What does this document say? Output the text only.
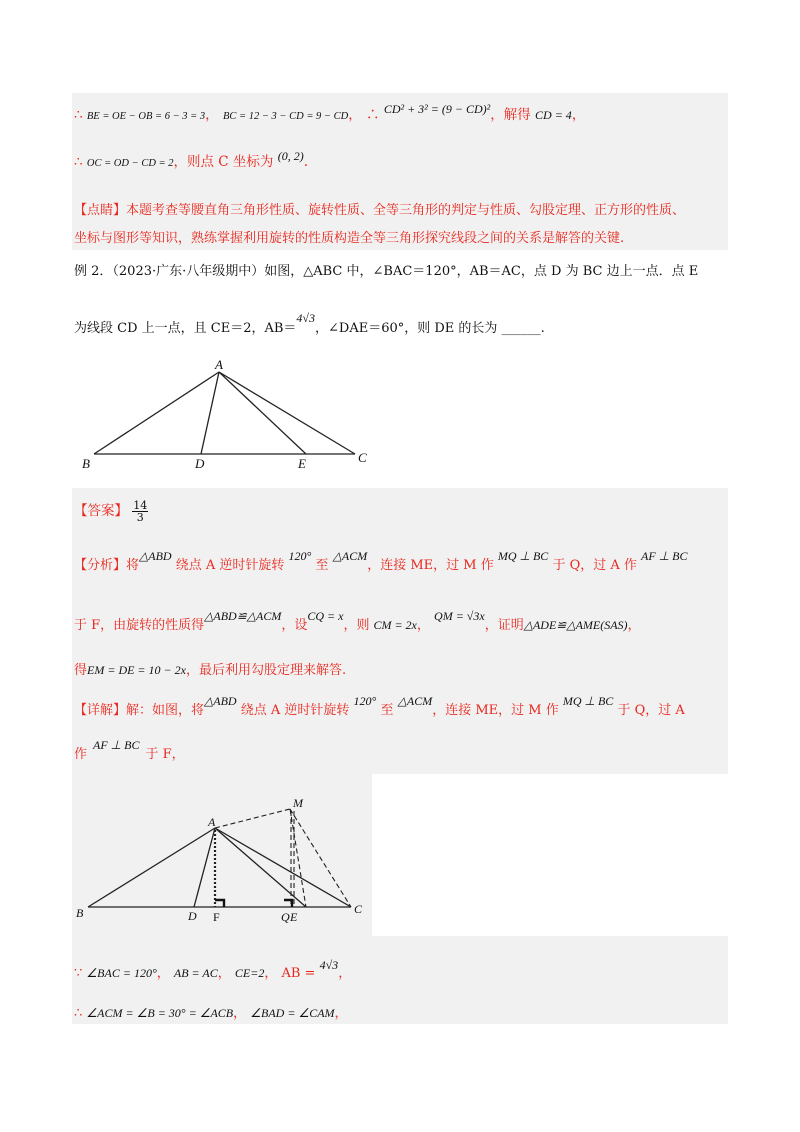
∴ BE = OE − OB = 6 − 3 = 3， BC = 12 − 3 − CD = 9 − CD， ∴ CD² + 3² = (9 − CD)²，解得 CD = 4，
∴ OC = OD − CD = 2，则点 C 坐标为 (0, 2).
【点睛】本题考查等腰直角三角形性质、旋转性质、全等三角形的判定与性质、勾股定理、正方形的性质、
坐标与图形等知识，熟练掌握利用旋转的性质构造全等三角形探究线段之间的关系是解答的关键.
例 2．（2023·广东·八年级期中）如图，△ABC 中，∠BAC＝120°，AB＝AC，点 D 为 BC 边上一点．点 E
为线段 CD 上一点，且 CE＝2，AB＝4√3，∠DAE＝60°，则 DE 的长为 ______.
A
B	D	E	C
【答案】 $\frac{14}{3}$
【分析】将△ABD 绕点 A 逆时针旋转 120° 至 △ACM，连接 ME，过 M 作 MQ ⊥ BC 于 Q，过 A 作 AF ⊥ BC
于 F，由旋转的性质得△ABD≌△ACM，设CQ = x，则 CM = 2x， QM = √3x，证明△ADE≌△AME(SAS)，
得EM = DE = 10 − 2x，最后利用勾股定理来解答.
【详解】解：如图，将△ABD 绕点 A 逆时针旋转 120° 至 △ACM，连接 ME，过 M 作 MQ ⊥ BC 于 Q，过 A
作AF ⊥ BC于 F，
M
A
B	D F	Q E
C
∵ ∠BAC = 120°， AB = AC， CE=2， AB = 4√3，
∴ ∠ACM = ∠B = 30° = ∠ACB， ∠BAD = ∠CAM，
